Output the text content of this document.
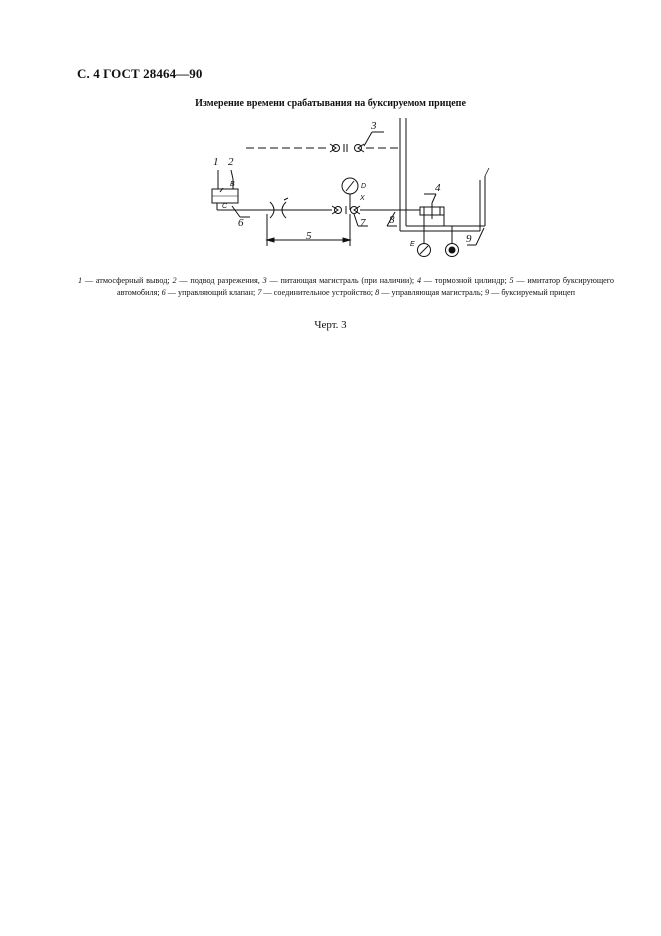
С. 4 ГОСТ 28464—90
Измерение времени срабатывания на буксируемом прицепе
1 2
3
4
5
6	7 8
9
В
С
D
X
E
1 — атмосферный вывод; 2 — подвод разрежения, 3 — питающая магистраль (при наличии); 4 — тормозной цилиндр; 5 — имитатор буксирующего автомобиля; 6 — управляющий клапан; 7 — соединительное устройство; 8 — управляющая магистраль; 9 — буксируемый прицеп
Черт. 3
